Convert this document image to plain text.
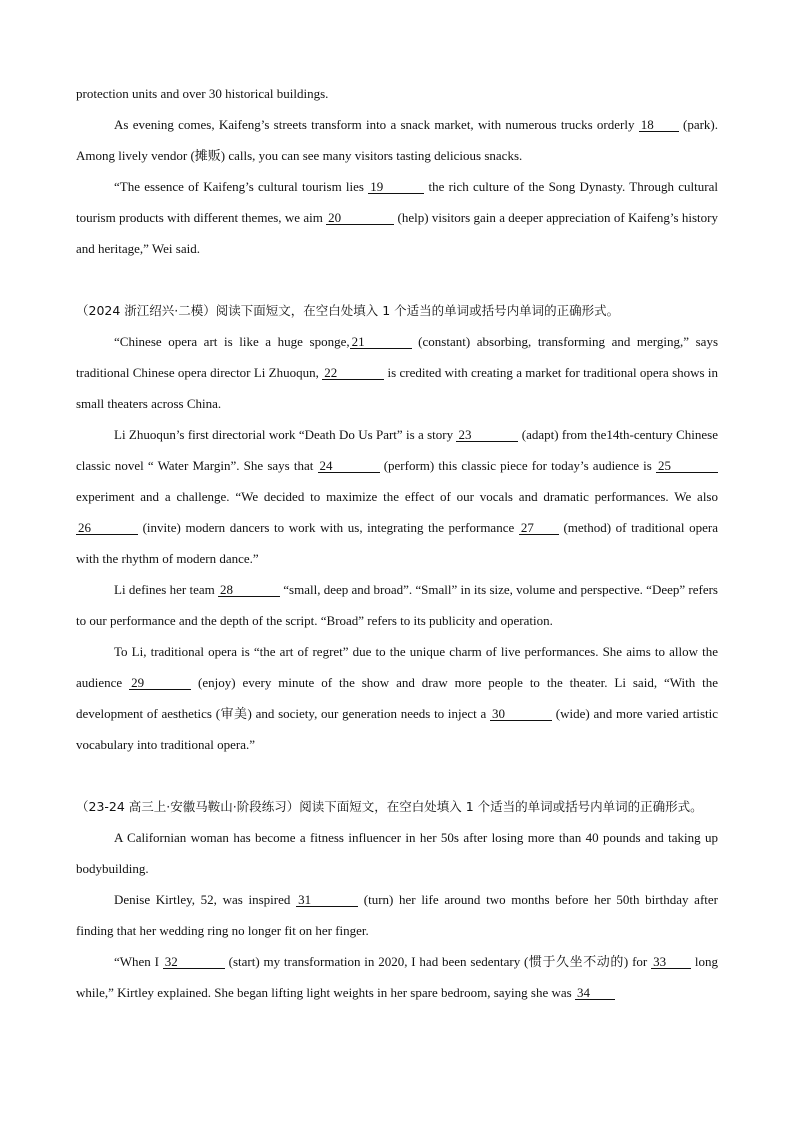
protection units and over 30 historical buildings.

As evening comes, Kaifeng’s streets transform into a snack market, with numerous trucks orderly 18 (park). Among lively vendor (摊贩) calls, you can see many visitors tasting delicious snacks.

“The essence of Kaifeng’s cultural tourism lies 19	the rich culture of the Song Dynasty. Through cultural tourism products with different themes, we aim 20	(help) visitors gain a deeper appreciation of Kaifeng’s history and heritage,” Wei said.

（2024 浙江绍兴·二模）阅读下面短文，在空白处填入 1 个适当的单词或括号内单词的正确形式。

“Chinese opera art is like a huge sponge, 21	(constant) absorbing, transforming and merging,” says traditional Chinese opera director Li Zhuoqun, 22	is credited with creating a market for traditional opera shows in small theaters across China.

Li Zhuoqun’s first directorial work “Death Do Us Part” is a story 23	(adapt) from the14th-century Chinese classic novel “ Water Margin”. She says that 24	(perform) this classic piece for today’s audience is 25 experiment and a challenge. “We decided to maximize the effect of our vocals and dramatic performances. We also 26	(invite) modern dancers to work with us, integrating the performance 27 (method) of traditional opera with the rhythm of modern dance.”

Li defines her team 28	“small, deep and broad”. “Small” in its size, volume and perspective. “Deep” refers to our performance and the depth of the script. “Broad” refers to its publicity and operation.

To Li, traditional opera is “the art of regret” due to the unique charm of live performances. She aims to allow the audience 29	(enjoy) every minute of the show and draw more people to the theater. Li said, “With the development of aesthetics (审美) and society, our generation needs to inject a 30	(wide) and more varied artistic vocabulary into traditional opera.”

（23-24 高三上·安徽马鞍山·阶段练习）阅读下面短文，在空白处填入 1 个适当的单词或括号内单词的正确形式。

A Californian woman has become a fitness influencer in her 50s after losing more than 40 pounds and taking up bodybuilding.

Denise Kirtley, 52, was inspired 31	(turn) her life around two months before her 50th birthday after finding that her wedding ring no longer fit on her finger.

“When I 32	(start) my transformation in 2020, I had been sedentary (惯于久坐不动的) for 33 long while,” Kirtley explained. She began lifting light weights in her spare bedroom, saying she was 34
